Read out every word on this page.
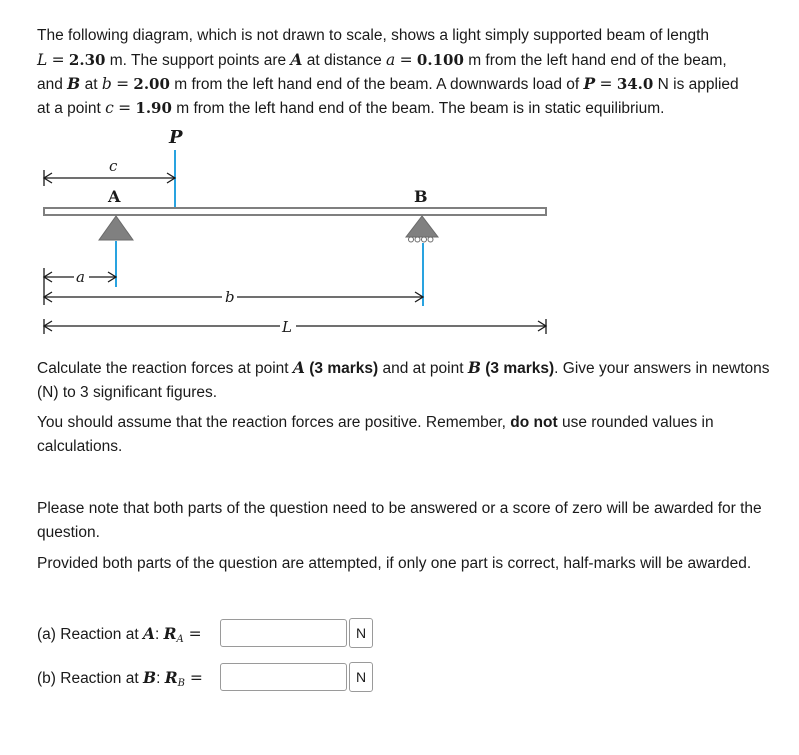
The following diagram, which is not drawn to scale, shows a light simply supported beam of length
L = 2.30 m. The support points are A at distance a = 0.100 m from the left hand end of the beam,
and B at b = 2.00 m from the left hand end of the beam. A downwards load of P = 34.0 N is applied
at a point c = 1.90 m from the left hand end of the beam. The beam is in static equilibrium.

P
c
A	B
a
b
L

Calculate the reaction forces at point A (3 marks) and at point B (3 marks). Give your answers in newtons (N) to 3 significant figures.

You should assume that the reaction forces are positive. Remember, do not use rounded values in calculations.

Please note that both parts of the question need to be answered or a score of zero will be awarded for the question.

Provided both parts of the question are attempted, if only one part is correct, half-marks will be awarded.

(a) Reaction at A: $R_A$ =	N
(b) Reaction at B: $R_B$ =	N
